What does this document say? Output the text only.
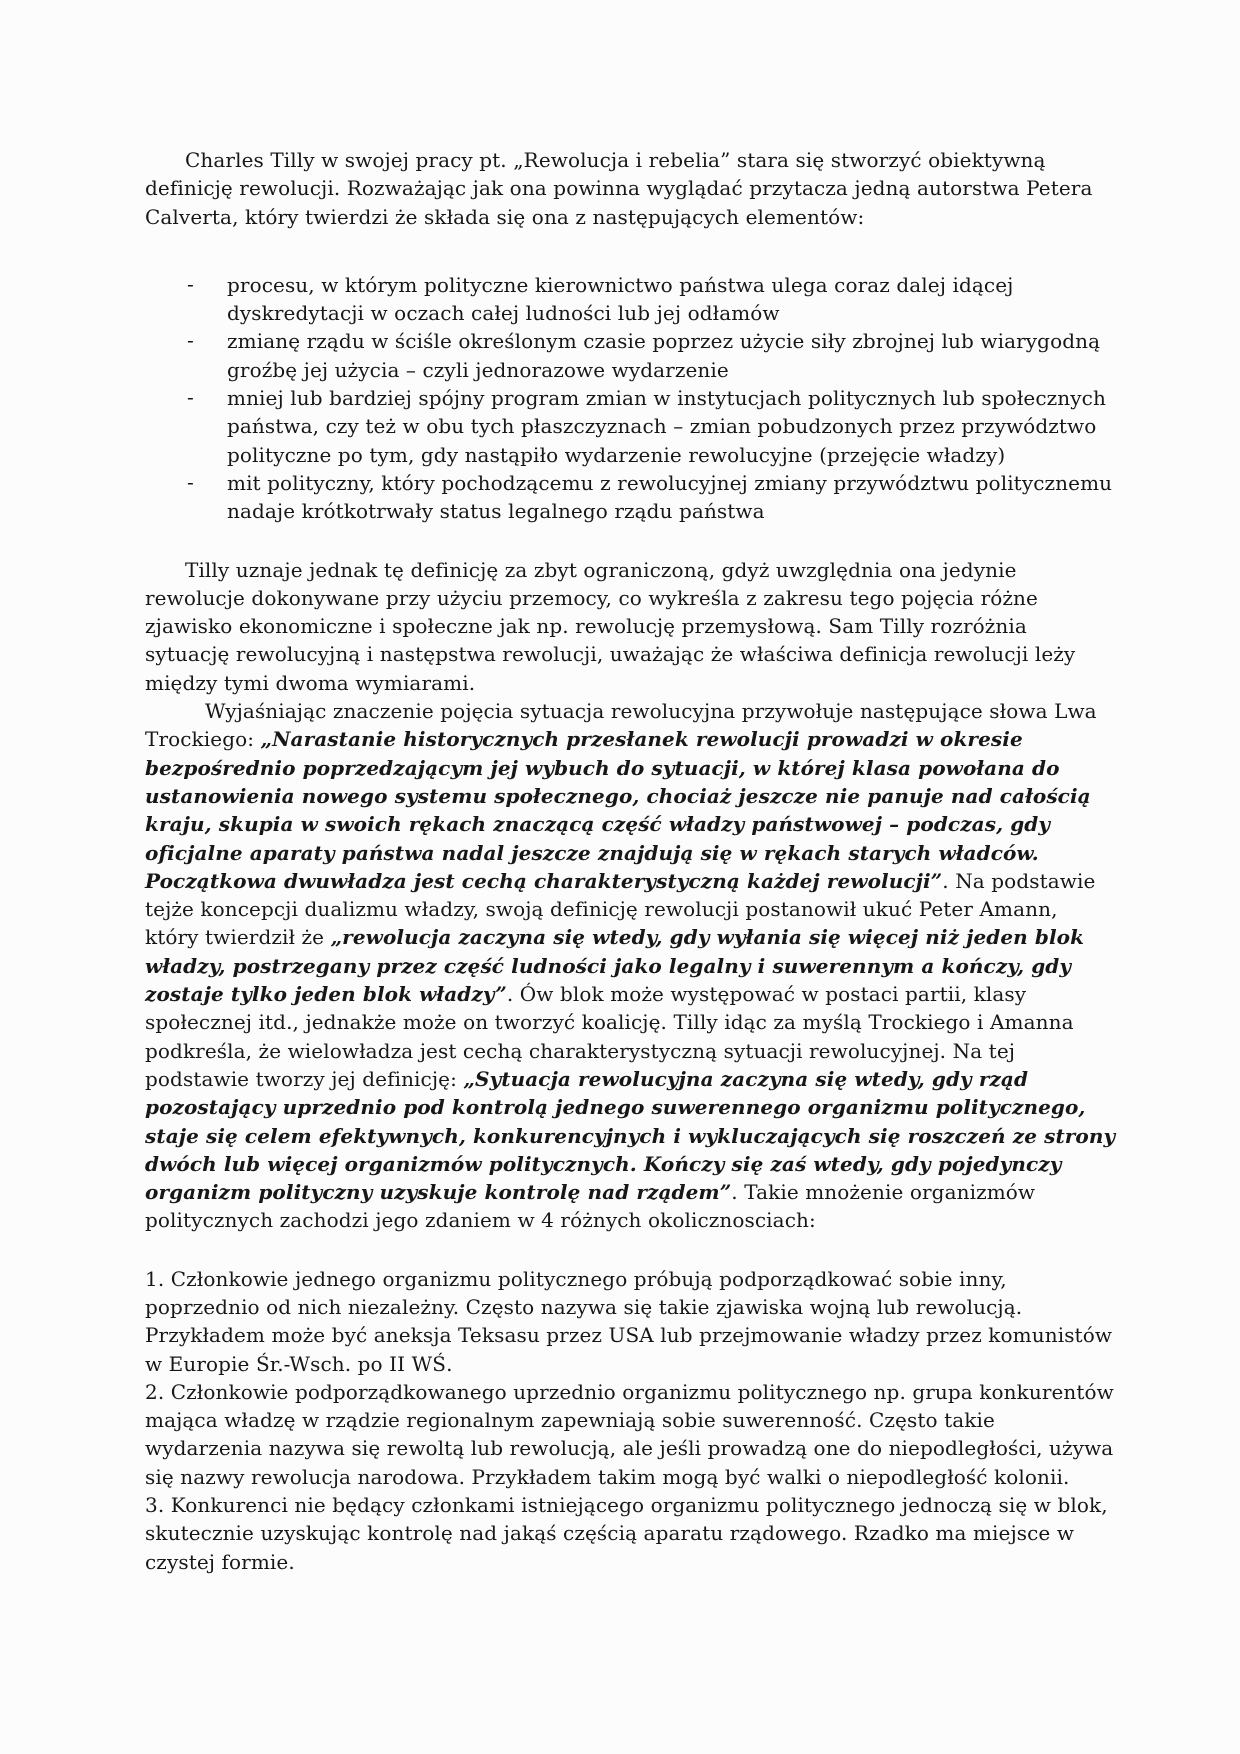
Charles Tilly w swojej pracy pt. „Rewolucja i rebelia” stara się stworzyć obiektywną definicję rewolucji. Rozważając jak ona powinna wyglądać przytacza jedną autorstwa Petera Calverta, który twierdzi że składa się ona z następujących elementów:

- procesu, w którym polityczne kierownictwo państwa ulega coraz dalej idącej dyskredytacji w oczach całej ludności lub jej odłamów
- zmianę rządu w ściśle określonym czasie poprzez użycie siły zbrojnej lub wiarygodną groźbę jej użycia – czyli jednorazowe wydarzenie
- mniej lub bardziej spójny program zmian w instytucjach politycznych lub społecznych państwa, czy też w obu tych płaszczyznach – zmian pobudzonych przez przywództwo polityczne po tym, gdy nastąpiło wydarzenie rewolucyjne (przejęcie władzy)
- mit polityczny, który pochodzącemu z rewolucyjnej zmiany przywództwu politycznemu nadaje krótkotrwały status legalnego rządu państwa

Tilly uznaje jednak tę definicję za zbyt ograniczoną, gdyż uwzględnia ona jedynie rewolucje dokonywane przy użyciu przemocy, co wykreśla z zakresu tego pojęcia różne zjawisko ekonomiczne i społeczne jak np. rewolucję przemysłową. Sam Tilly rozróżnia sytuację rewolucyjną i następstwa rewolucji, uważając że właściwa definicja rewolucji leży między tymi dwoma wymiarami.

Wyjaśniając znaczenie pojęcia sytuacja rewolucyjna przywołuje następujące słowa Lwa Trockiego: „Narastanie historycznych przesłanek rewolucji prowadzi w okresie bezpośrednio poprzedzającym jej wybuch do sytuacji, w której klasa powołana do ustanowienia nowego systemu społecznego, chociaż jeszcze nie panuje nad całością kraju, skupia w swoich rękach znaczącą część władzy państwowej – podczas, gdy oficjalne aparaty państwa nadal jeszcze znajdują się w rękach starych władców. Początkowa dwuwładza jest cechą charakterystyczną każdej rewolucji”. Na podstawie tejże koncepcji dualizmu władzy, swoją definicję rewolucji postanowił ukuć Peter Amann, który twierdził że „rewolucja zaczyna się wtedy, gdy wyłania się więcej niż jeden blok władzy, postrzegany przez część ludności jako legalny i suwerennym a kończy, gdy zostaje tylko jeden blok władzy”. Ów blok może występować w postaci partii, klasy społecznej itd., jednakże może on tworzyć koalicję. Tilly idąc za myślą Trockiego i Amanna podkreśla, że wielowładza jest cechą charakterystyczną sytuacji rewolucyjnej. Na tej podstawie tworzy jej definicję: „Sytuacja rewolucyjna zaczyna się wtedy, gdy rząd pozostający uprzednio pod kontrolą jednego suwerennego organizmu politycznego, staje się celem efektywnych, konkurencyjnych i wykluczających się roszczeń ze strony dwóch lub więcej organizmów politycznych. Kończy się zaś wtedy, gdy pojedynczy organizm polityczny uzyskuje kontrolę nad rządem”. Takie mnożenie organizmów politycznych zachodzi jego zdaniem w 4 różnych okolicznosciach:

1. Członkowie jednego organizmu politycznego próbują podporządkować sobie inny, poprzednio od nich niezależny. Często nazywa się takie zjawiska wojną lub rewolucją. Przykładem może być aneksja Teksasu przez USA lub przejmowanie władzy przez komunistów w Europie Śr.-Wsch. po II WŚ.

2. Członkowie podporządkowanego uprzednio organizmu politycznego np. grupa konkurentów mająca władzę w rządzie regionalnym zapewniają sobie suwerenność. Często takie wydarzenia nazywa się rewoltą lub rewolucją, ale jeśli prowadzą one do niepodległości, używa się nazwy rewolucja narodowa. Przykładem takim mogą być walki o niepodległość kolonii.

3. Konkurenci nie będący członkami istniejącego organizmu politycznego jednoczą się w blok, skutecznie uzyskując kontrolę nad jakąś częścią aparatu rządowego. Rzadko ma miejsce w czystej formie.
